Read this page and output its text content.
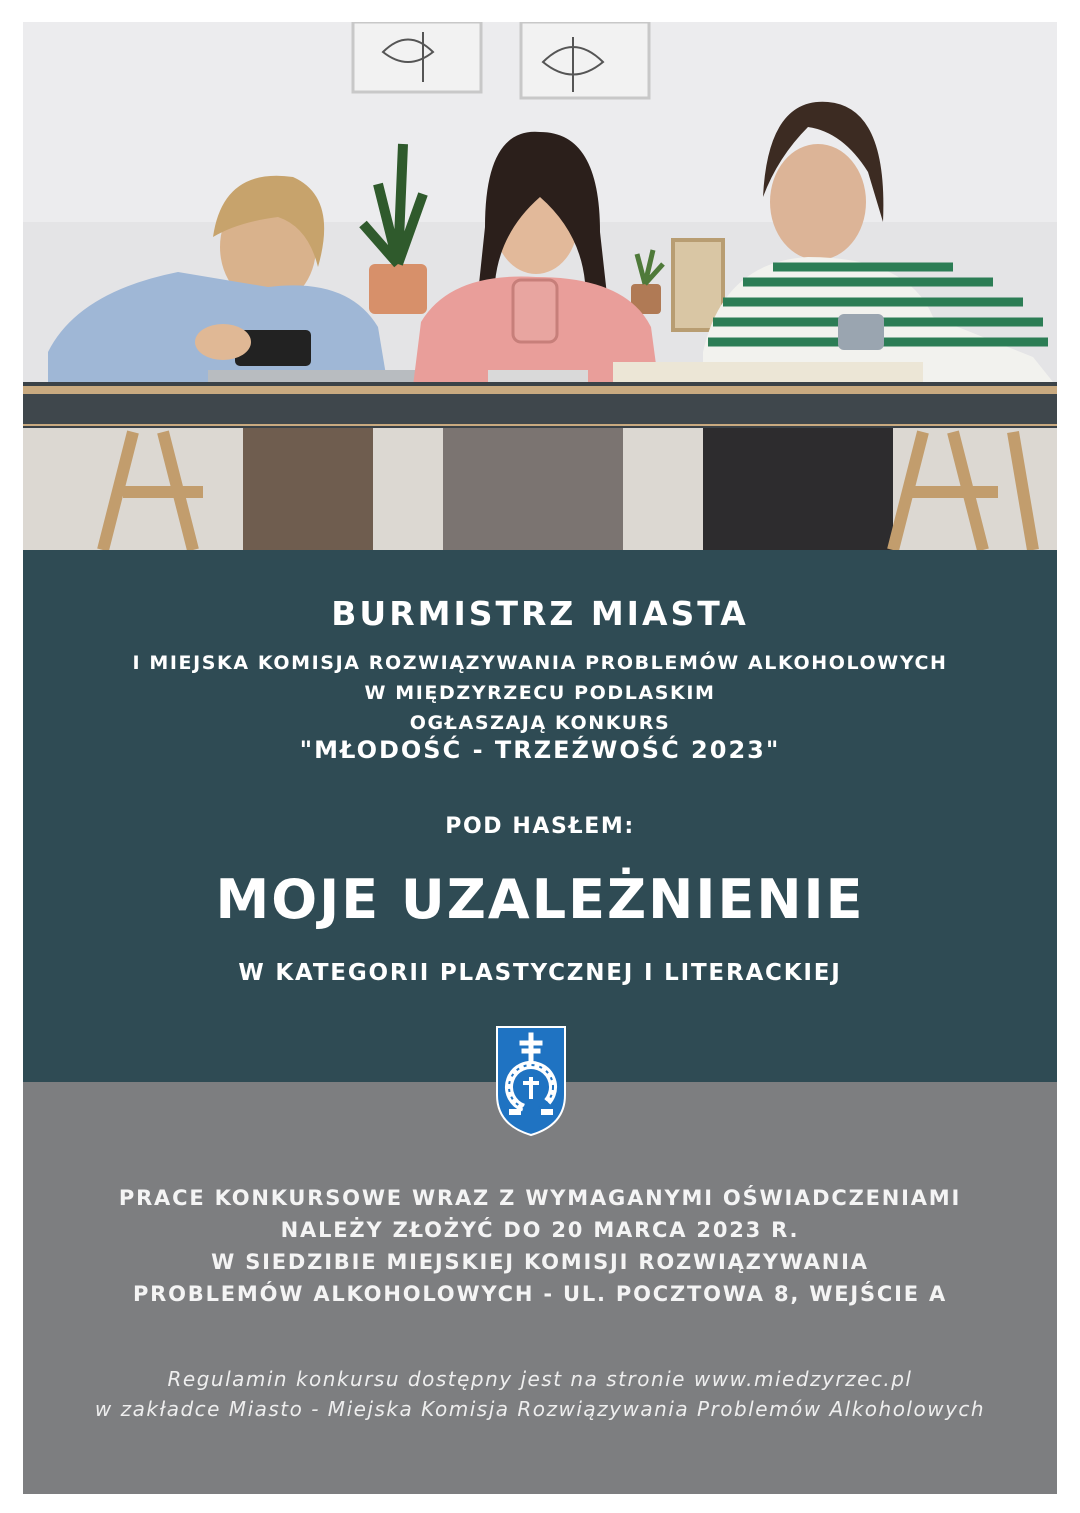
BURMISTRZ MIASTA
I MIEJSKA KOMISJA ROZWIĄZYWANIA PROBLEMÓW ALKOHOLOWYCH
W MIĘDZYRZECU PODLASKIM
OGŁASZAJĄ KONKURS
"MŁODOŚĆ - TRZEŹWOŚĆ 2023"
POD HASŁEM:
MOJE UZALEŻNIENIE
W KATEGORII PLASTYCZNEJ I LITERACKIEJ
PRACE KONKURSOWE WRAZ Z WYMAGANYMI OŚWIADCZENIAMI
NALEŻY ZŁOŻYĆ DO 20 MARCA 2023 R.
W SIEDZIBIE MIEJSKIEJ KOMISJI ROZWIĄZYWANIA
PROBLEMÓW ALKOHOLOWYCH - UL. POCZTOWA 8, WEJŚCIE A
Regulamin konkursu dostępny jest na stronie www.miedzyrzec.pl
w zakładce Miasto - Miejska Komisja Rozwiązywania Problemów Alkoholowych
